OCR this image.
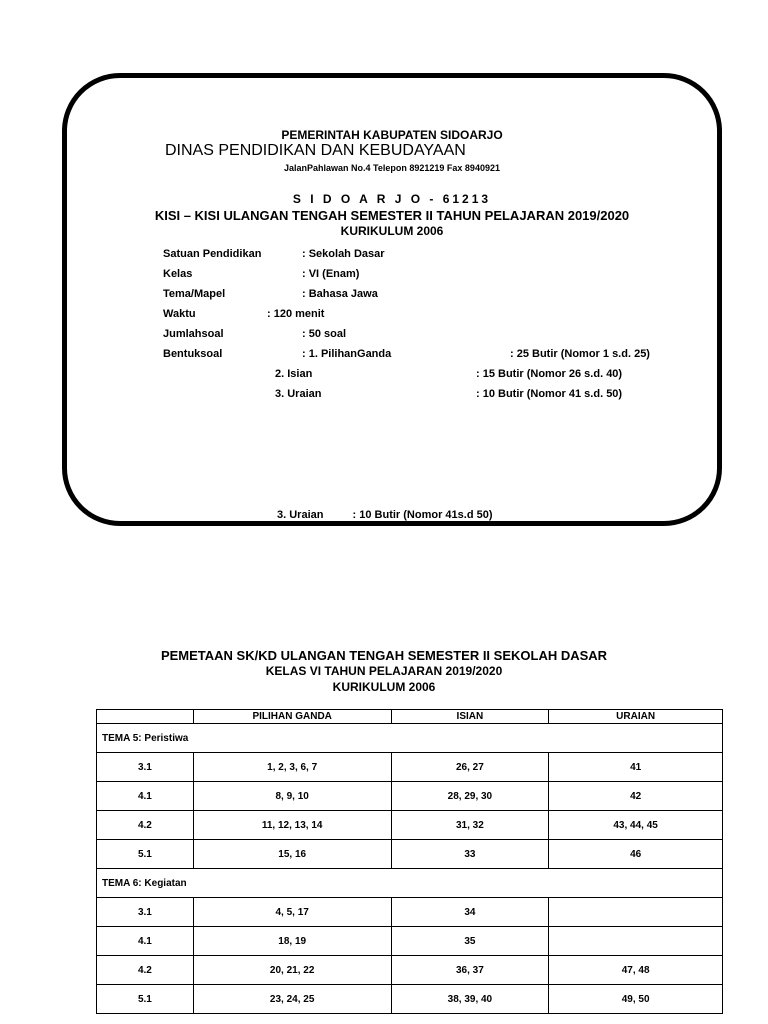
PEMERINTAH KABUPATEN SIDOARJO
DINAS PENDIDIKAN DAN KEBUDAYAAN
JalanPahlawan No.4 Telepon 8921219 Fax 8940921
S I D O A R J O - 61213
KISI – KISI ULANGAN TENGAH SEMESTER II TAHUN PELAJARAN 2019/2020
KURIKULUM 2006
Satuan Pendidikan	: Sekolah Dasar
Kelas	: VI (Enam)
Tema/Mapel	: Bahasa Jawa
Waktu	: 120 menit
Jumlahsoal	: 50 soal
Bentuksoal	: 1. PilihanGanda	: 25 Butir (Nomor 1 s.d. 25)
2. Isian	: 15 Butir (Nomor 26 s.d. 40)
3. Uraian	: 10 Butir (Nomor 41 s.d. 50)
3. Uraian	: 10 Butir (Nomor 41s.d 50)
PEMETAAN SK/KD ULANGAN TENGAH SEMESTER II SEKOLAH DASAR
KELAS VI TAHUN PELAJARAN 2019/2020
KURIKULUM 2006
	PILIHAN GANDA	ISIAN	URAIAN
TEMA 5: Peristiwa			
3.1	1, 2, 3, 6, 7	26, 27	41
4.1	8, 9, 10	28, 29, 30	42
4.2	11, 12, 13, 14	31, 32	43, 44, 45
5.1	15, 16	33	46
TEMA 6: Kegiatan			
3.1	4, 5, 17	34	
4.1	18, 19	35	
4.2	20, 21, 22	36, 37	47, 48
5.1	23, 24, 25	38, 39, 40	49, 50
